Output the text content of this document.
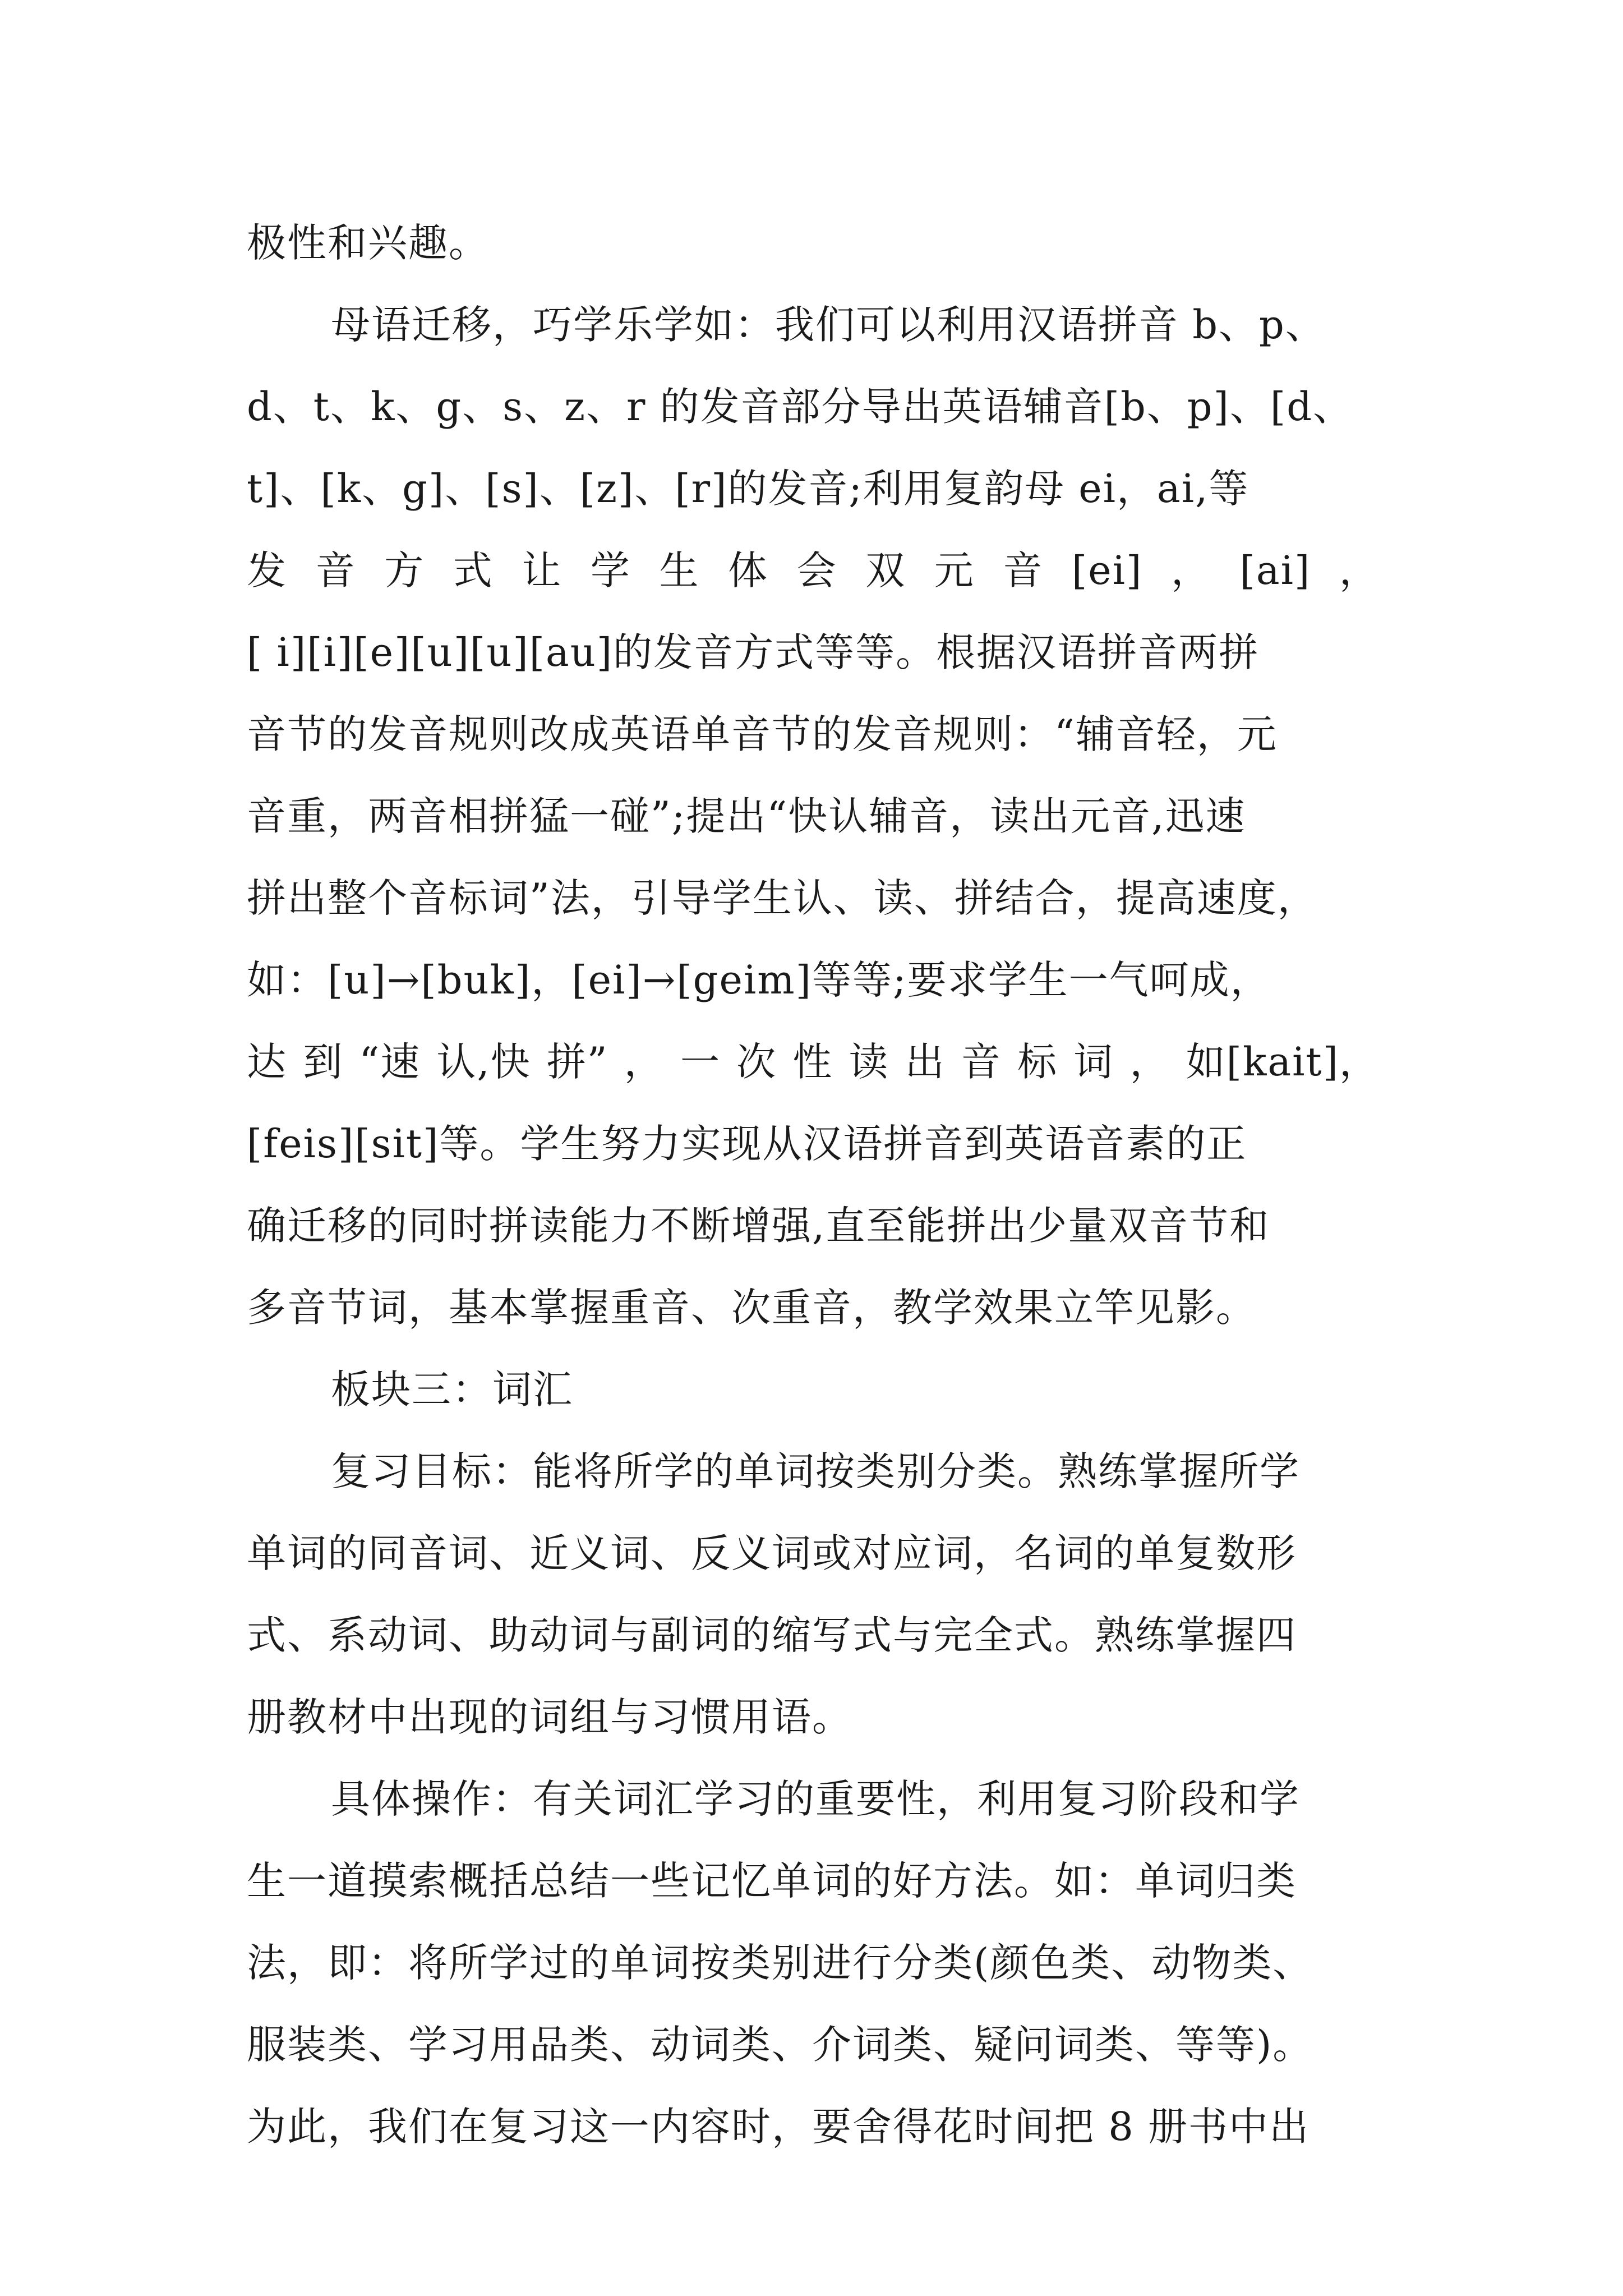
极性和兴趣。
母语迁移，巧学乐学如：我们可以利用汉语拼音 b、p、
d、t、k、g、s、z、r 的发音部分导出英语辅音[b、p]、[d、
t]、[k、g]、[s]、[z]、[r]的发音;利用复韵母 ei，ai,等
发 音 方 式 让 学 生 体 会 双 元 音 [ei] ， [ai] ，
[ i][i][e][u][u][au]的发音方式等等。根据汉语拼音两拼
音节的发音规则改成英语单音节的发音规则：“辅音轻，元
音重，两音相拼猛一碰”;提出“快认辅音，读出元音,迅速
拼出整个音标词”法，引导学生认、读、拼结合，提高速度，
如：[u]→[buk]，[ei]→[geim]等等;要求学生一气呵成，
达 到 “速 认,快 拼” ， 一 次 性 读 出 音 标 词 ， 如[kait]，
[feis][sit]等。学生努力实现从汉语拼音到英语音素的正
确迁移的同时拼读能力不断增强,直至能拼出少量双音节和
多音节词，基本掌握重音、次重音，教学效果立竿见影。
板块三：词汇
复习目标：能将所学的单词按类别分类。熟练掌握所学
单词的同音词、近义词、反义词或对应词，名词的单复数形
式、系动词、助动词与副词的缩写式与完全式。熟练掌握四
册教材中出现的词组与习惯用语。
具体操作：有关词汇学习的重要性，利用复习阶段和学
生一道摸索概括总结一些记忆单词的好方法。如：单词归类
法，即：将所学过的单词按类别进行分类(颜色类、动物类、
服装类、学习用品类、动词类、介词类、疑问词类、等等)。
为此，我们在复习这一内容时，要舍得花时间把 8 册书中出
